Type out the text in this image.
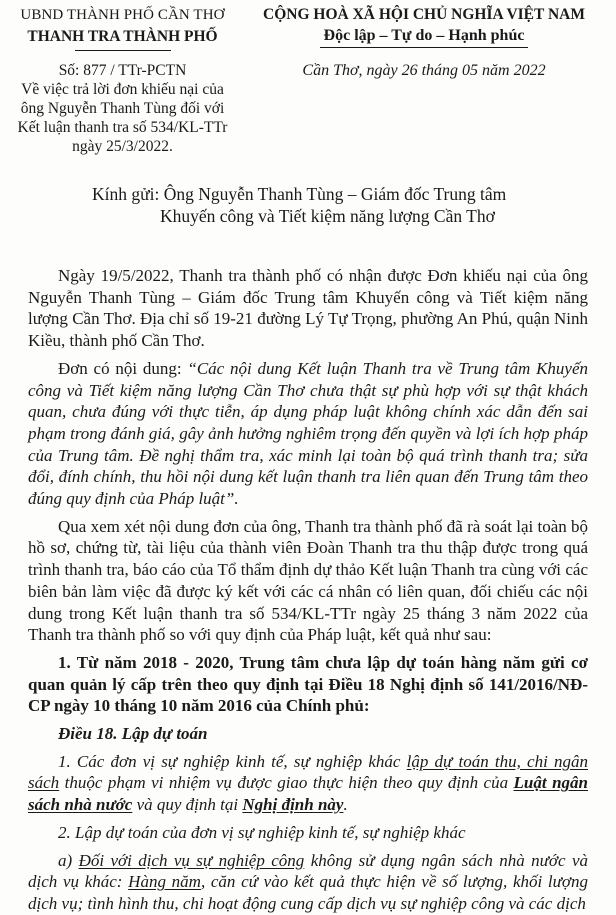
UBND THÀNH PHỐ CẦN THƠ
THANH TRA THÀNH PHỐ
CỘNG HOÀ XÃ HỘI CHỦ NGHĨA VIỆT NAM
Độc lập – Tự do – Hạnh phúc
Số: 877 / TTr-PCTN
Về việc trả lời đơn khiếu nại của
ông Nguyễn Thanh Tùng đối với
Kết luận thanh tra số 534/KL-TTr
ngày 25/3/2022.
Cần Thơ, ngày 26 tháng 05 năm 2022
Kính gửi: Ông Nguyễn Thanh Tùng – Giám đốc Trung tâm
Khuyến công và Tiết kiệm năng lượng Cần Thơ

Ngày 19/5/2022, Thanh tra thành phố có nhận được Đơn khiếu nại của ông Nguyễn Thanh Tùng – Giám đốc Trung tâm Khuyến công và Tiết kiệm năng lượng Cần Thơ. Địa chỉ số 19-21 đường Lý Tự Trọng, phường An Phú, quận Ninh Kiều, thành phố Cần Thơ.

Đơn có nội dung: “Các nội dung Kết luận Thanh tra về Trung tâm Khuyến công và Tiết kiệm năng lượng Cần Thơ chưa thật sự phù hợp với sự thật khách quan, chưa đúng với thực tiễn, áp dụng pháp luật không chính xác dẫn đến sai phạm trong đánh giá, gây ảnh hưởng nghiêm trọng đến quyền và lợi ích hợp pháp của Trung tâm. Đề nghị thẩm tra, xác minh lại toàn bộ quá trình thanh tra; sửa đổi, đính chính, thu hồi nội dung kết luận thanh tra liên quan đến Trung tâm theo đúng quy định của Pháp luật”.

Qua xem xét nội dung đơn của ông, Thanh tra thành phố đã rà soát lại toàn bộ hồ sơ, chứng từ, tài liệu của thành viên Đoàn Thanh tra thu thập được trong quá trình thanh tra, báo cáo của Tổ thẩm định dự thảo Kết luận Thanh tra cùng với các biên bản làm việc đã được ký kết với các cá nhân có liên quan, đối chiếu các nội dung trong Kết luận thanh tra số 534/KL-TTr ngày 25 tháng 3 năm 2022 của Thanh tra thành phố so với quy định của Pháp luật, kết quả như sau:

1. Từ năm 2018 - 2020, Trung tâm chưa lập dự toán hàng năm gửi cơ quan quản lý cấp trên theo quy định tại Điều 18 Nghị định số 141/2016/NĐ-CP ngày 10 tháng 10 năm 2016 của Chính phủ:

Điều 18. Lập dự toán

1. Các đơn vị sự nghiệp kinh tế, sự nghiệp khác lập dự toán thu, chi ngân sách thuộc phạm vi nhiệm vụ được giao thực hiện theo quy định của Luật ngân sách nhà nước và quy định tại Nghị định này.

2. Lập dự toán của đơn vị sự nghiệp kinh tế, sự nghiệp khác

a) Đối với dịch vụ sự nghiệp công không sử dụng ngân sách nhà nước và dịch vụ khác: Hàng năm, căn cứ vào kết quả thực hiện về số lượng, khối lượng dịch vụ; tình hình thu, chi hoạt động cung cấp dịch vụ sự nghiệp công và các dịch
